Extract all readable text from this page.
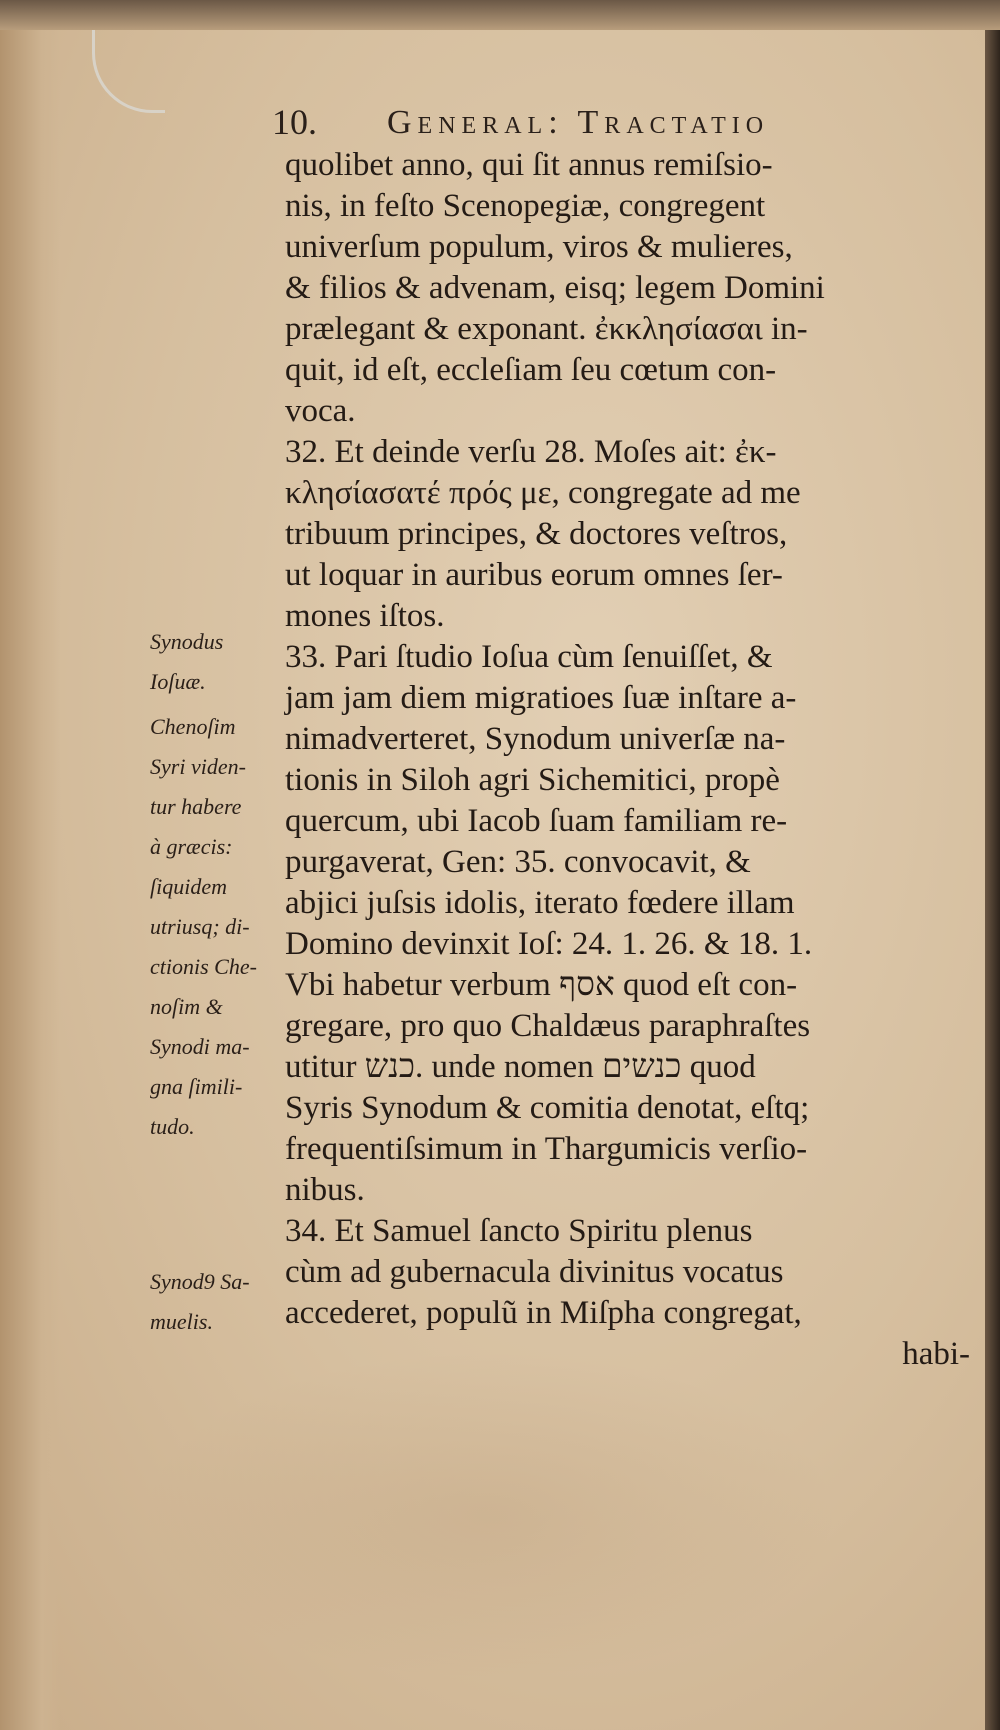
10. General: Tractatio
quolibet anno, qui ſit annus remiſsio-
nis, in feſto Scenopegiæ, congregent
univerſum populum, viros & mulieres,
& filios & advenam, eisq; legem Domini
prælegant & exponant. ἐκκλησίασαι in-
quit, id eſt, eccleſiam ſeu cœtum con-
voca.
32. Et deinde verſu 28. Moſes ait: ἐκ-
κλησίασατέ πρός με, congregate ad me
tribuum principes, & doctores veſtros,
ut loquar in auribus eorum omnes ſer-
mones iſtos.
33. Pari ſtudio Ioſua cùm ſenuiſſet, &
jam jam diem migratioes ſuæ inſtare a-
nimadverteret, Synodum univerſæ na-
tionis in Siloh agri Sichemitici, propè
quercum, ubi Iacob ſuam familiam re-
purgaverat, Gen: 35. convocavit, &
abjici juſsis idolis, iterato fœdere illam
Domino devinxit Ioſ: 24. 1. 26. & 18. 1.
Vbi habetur verbum אסף quod eſt con-
gregare, pro quo Chaldæus paraphraſtes
utitur כנש. unde nomen כנשים quod
Syris Synodum & comitia denotat, eſtq;
frequentiſsimum in Thargumicis verſio-
nibus.
34. Et Samuel ſancto Spiritu plenus
cùm ad gubernacula divinitus vocatus
accederet, populũ in Miſpha congregat,
habi-
Synodus
Ioſuæ.
Chenoſim
Syri viden-
tur habere
à græcis:
ſiquidem
utriusq; di-
ctionis Che-
noſim &
Synodi ma-
gna ſimili-
tudo.
Synod9 Sa-
muelis.
